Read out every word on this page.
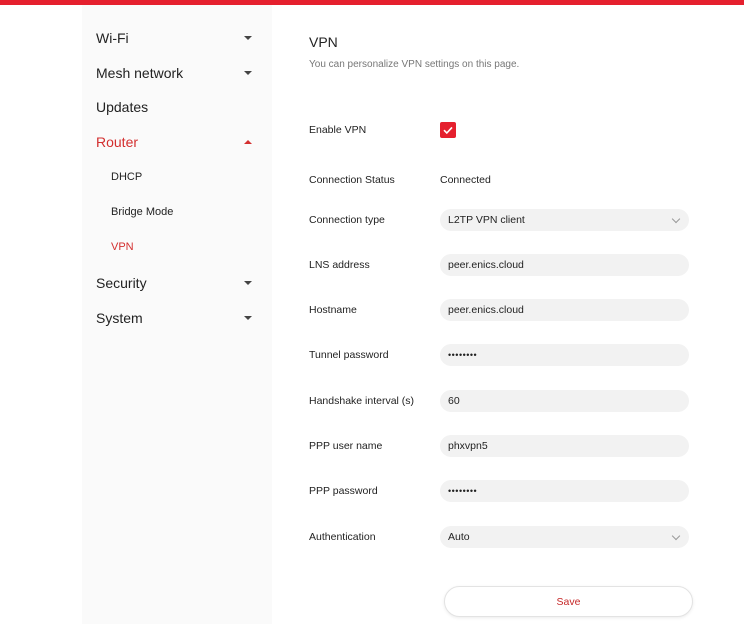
Wi-Fi
Mesh network
Updates
Router
DHCP
Bridge Mode
VPN
Security
System
VPN
You can personalize VPN settings on this page.
Enable VPN
Connection Status	Connected
Connection type	L2TP VPN client
LNS address	peer.enics.cloud
Hostname	peer.enics.cloud
Tunnel password	••••••••
Handshake interval (s)	60
PPP user name	phxvpn5
PPP password	••••••••
Authentication	Auto
Save
